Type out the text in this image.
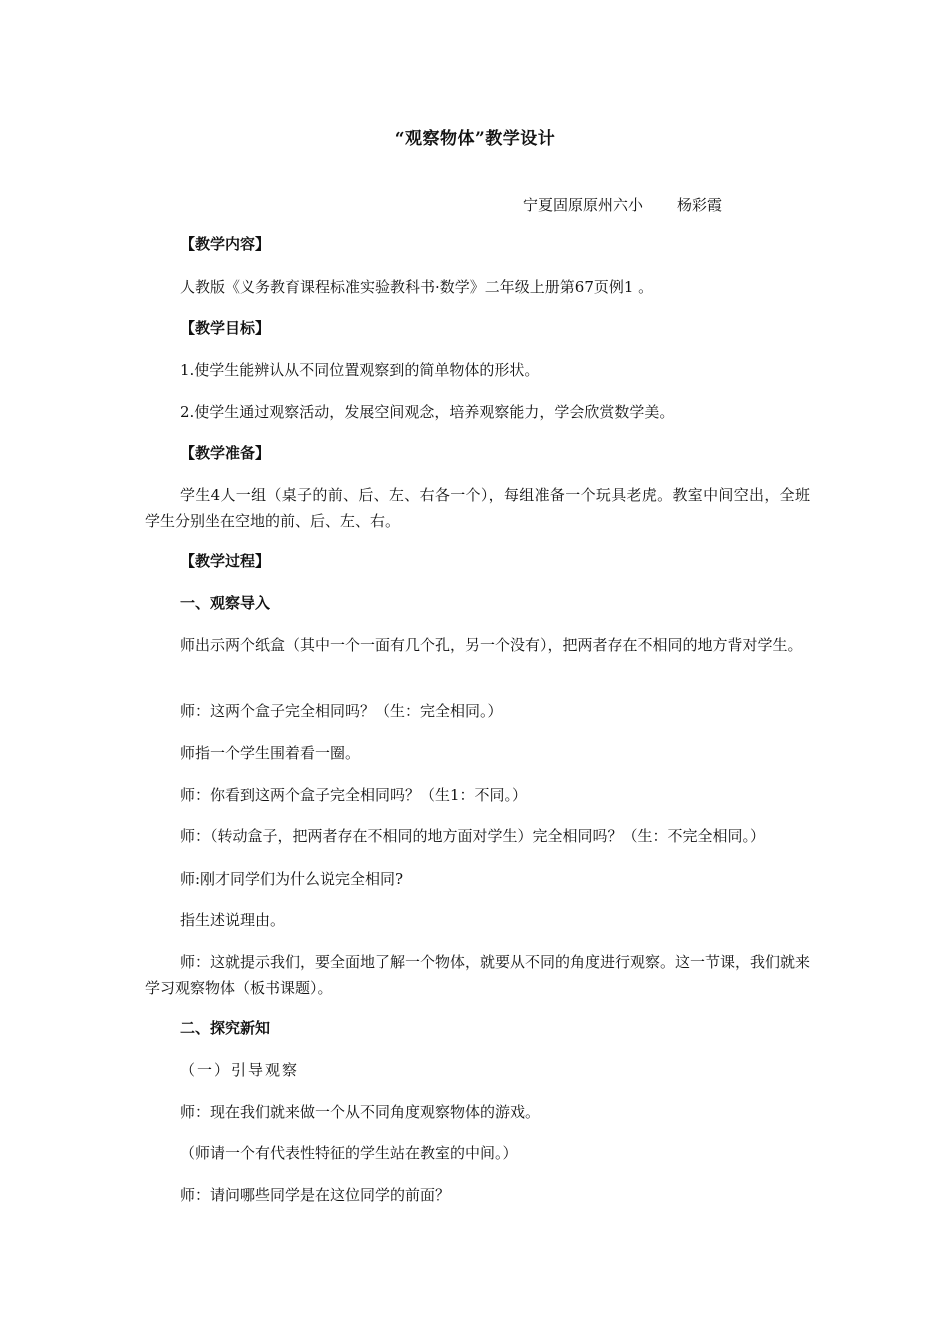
“观察物体”教学设计
宁夏固原原州六小 杨彩霞
【教学内容】
人教版《义务教育课程标准实验教科书·数学》二年级上册第67页例1 。
【教学目标】
1.使学生能辨认从不同位置观察到的简单物体的形状。
2.使学生通过观察活动，发展空间观念，培养观察能力，学会欣赏数学美。
【教学准备】
学生4人一组（桌子的前、后、左、右各一个），每组准备一个玩具老虎。教室中间空出，全班学生分别坐在空地的前、后、左、右。
【教学过程】
一、观察导入
师出示两个纸盒（其中一个一面有几个孔，另一个没有），把两者存在不相同的地方背对学生。
师：这两个盒子完全相同吗？（生：完全相同。）
师指一个学生围着看一圈。
师：你看到这两个盒子完全相同吗？（生1：不同。）
师：（转动盒子，把两者存在不相同的地方面对学生）完全相同吗？（生：不完全相同。）
师:刚才同学们为什么说完全相同?
指生述说理由。
师：这就提示我们，要全面地了解一个物体，就要从不同的角度进行观察。这一节课，我们就来学习观察物体（板书课题）。
二、探究新知
（一）引导观察
师：现在我们就来做一个从不同角度观察物体的游戏。
（师请一个有代表性特征的学生站在教室的中间。）
师：请问哪些同学是在这位同学的前面？
